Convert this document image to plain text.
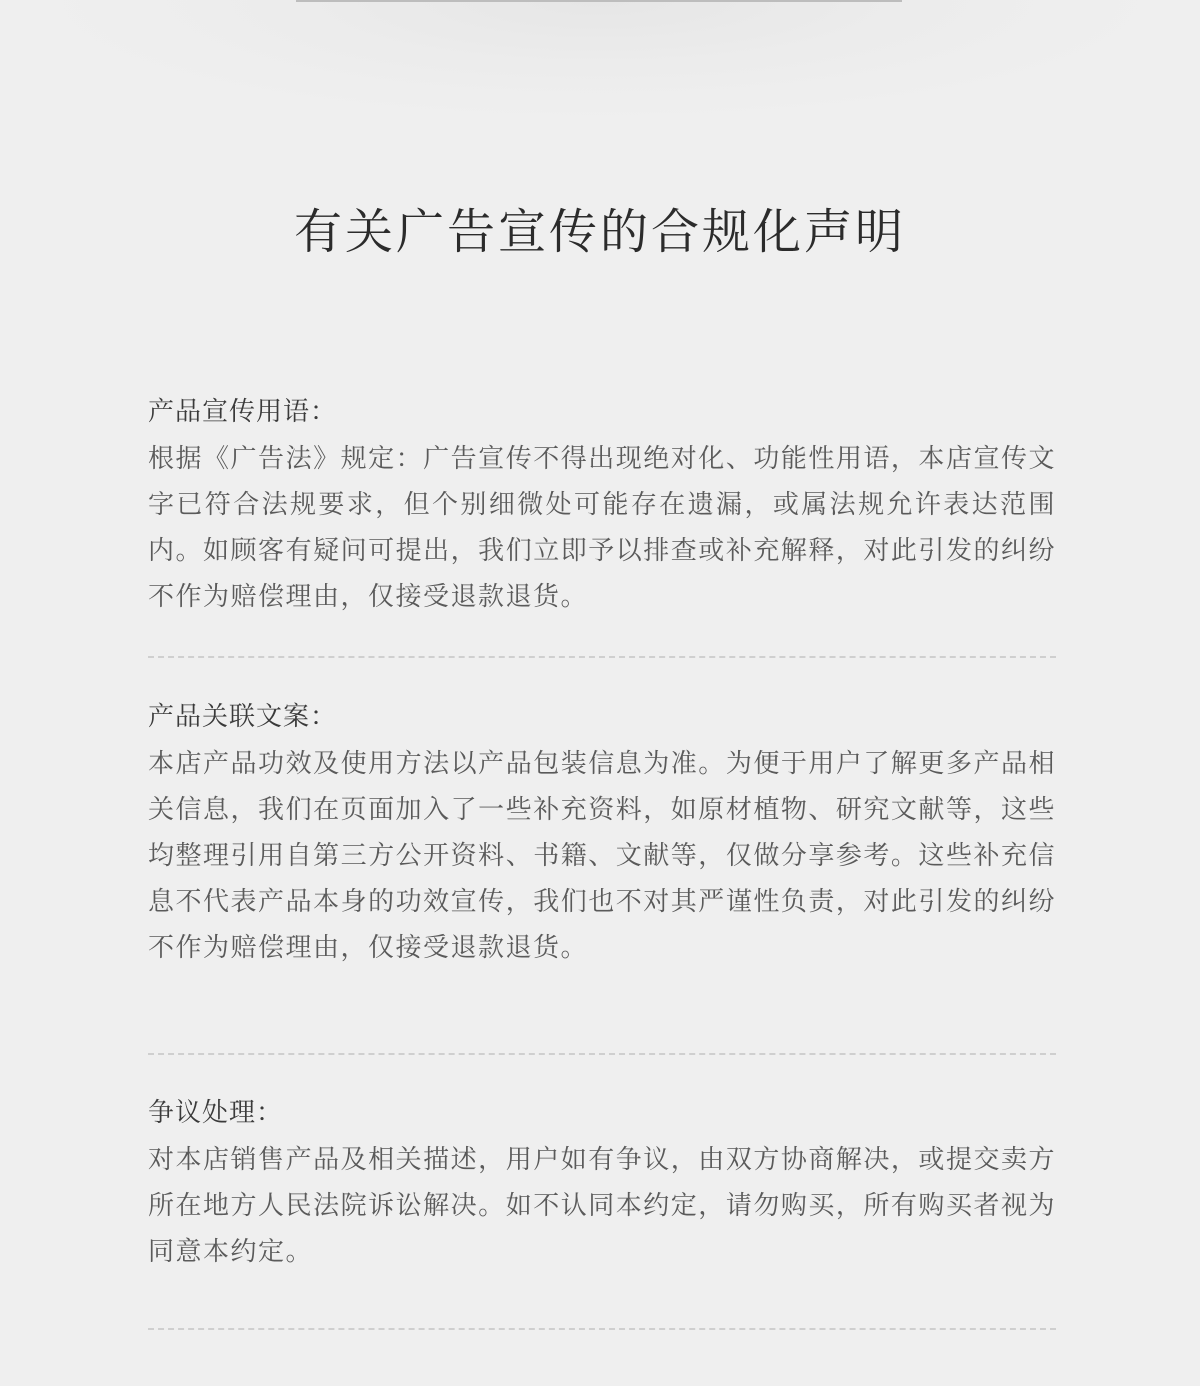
有关广告宣传的合规化声明
产品宣传用语：

根据《广告法》规定：广告宣传不得出现绝对化、功能性用语，本店宣传文字已符合法规要求，但个别细微处可能存在遗漏，或属法规允许表达范围内。如顾客有疑问可提出，我们立即予以排查或补充解释，对此引发的纠纷不作为赔偿理由，仅接受退款退货。

产品关联文案：

本店产品功效及使用方法以产品包装信息为准。为便于用户了解更多产品相关信息，我们在页面加入了一些补充资料，如原材植物、研究文献等，这些均整理引用自第三方公开资料、书籍、文献等，仅做分享参考。这些补充信息不代表产品本身的功效宣传，我们也不对其严谨性负责，对此引发的纠纷不作为赔偿理由，仅接受退款退货。

争议处理：

对本店销售产品及相关描述，用户如有争议，由双方协商解决，或提交卖方所在地方人民法院诉讼解决。如不认同本约定，请勿购买，所有购买者视为同意本约定。
